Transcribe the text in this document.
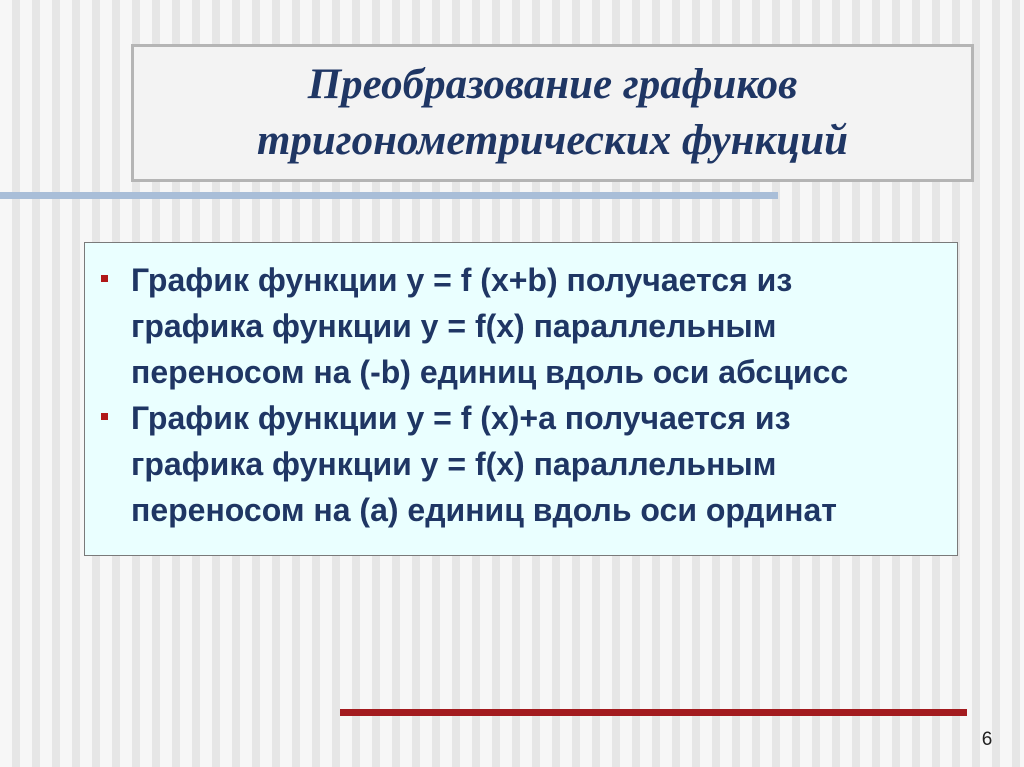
Преобразование графиков
тригонометрических функций
График функции у = f (x+b) получается из
графика функции у = f(x) параллельным
переносом на (-b) единиц вдоль оси абсцисс
График функции у = f (x)+a получается из
графика функции у = f(x) параллельным
переносом на (а) единиц вдоль оси ординат
6
